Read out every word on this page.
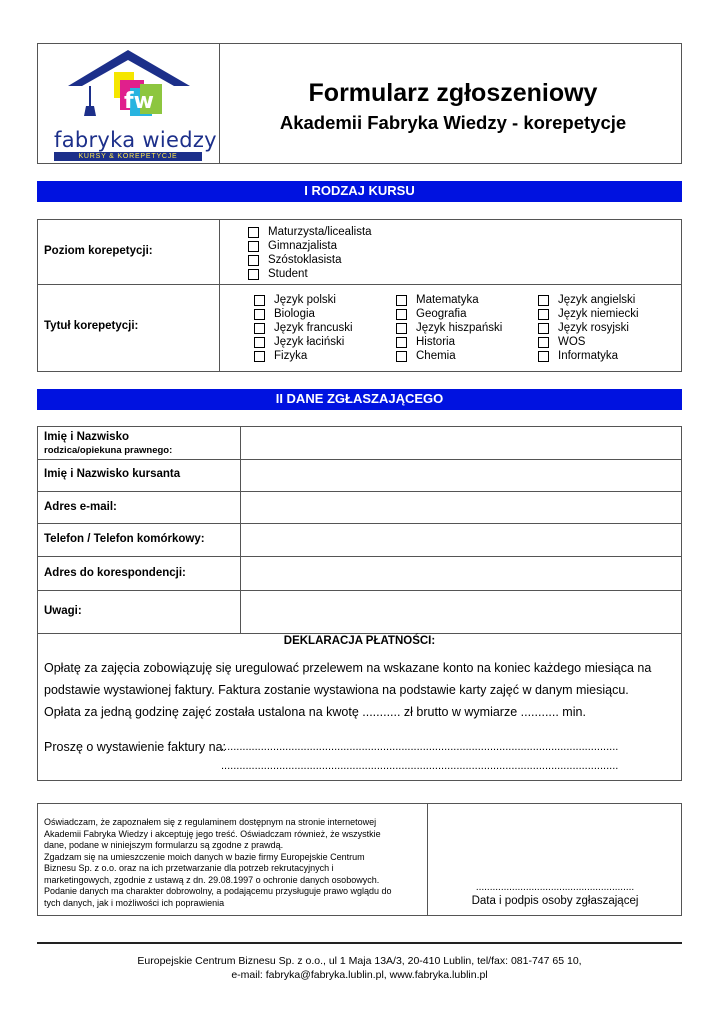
fw
fabryka wiedzy
KURSY & KOREPETYCJE
Formularz zgłoszeniowy
Akademii Fabryka Wiedzy - korepetycje
I RODZAJ KURSU
Poziom korepetycji:
Maturzysta/licealista
Gimnazjalista
Szóstoklasista
Student
Tytuł korepetycji:
Język polski
Biologia
Język francuski
Język łaciński
Fizyka
Matematyka
Geografia
Język hiszpański
Historia
Chemia
Język angielski
Język niemiecki
Język rosyjski
WOS
Informatyka
II DANE ZGŁASZAJĄCEGO
Imię i Nazwisko
rodzica/opiekuna prawnego:
Imię i Nazwisko kursanta
Adres e-mail:
Telefon / Telefon komórkowy:
Adres do korespondencji:
Uwagi:
DEKLARACJA PŁATNOŚCI:
Opłatę za zajęcia zobowiązuję się uregulować przelewem na wskazane konto na koniec każdego miesiąca na
podstawie wystawionej faktury. Faktura zostanie wystawiona na podstawie karty zajęć w danym miesiącu.
Opłata za jedną godzinę zajęć została ustalona na kwotę ........... zł brutto w wymiarze ........... min.
Proszę o wystawienie faktury na:
..................................................................................................................................
..................................................................................................................................
Oświadczam, że zapoznałem się z regulaminem dostępnym na stronie internetowej
Akademii Fabryka Wiedzy i akceptuję jego treść. Oświadczam również, że wszystkie
dane, podane w niniejszym formularzu są zgodne z prawdą.
Zgadzam się na umieszczenie moich danych w bazie firmy Europejskie Centrum
Biznesu Sp. z o.o. oraz na ich przetwarzanie dla potrzeb rekrutacyjnych i
marketingowych, zgodnie z ustawą z dn. 29.08.1997 o ochronie danych osobowych.
Podanie danych ma charakter dobrowolny, a podającemu przysługuje prawo wglądu do
tych danych, jak i możliwości ich poprawienia
.........................................................
Data i podpis osoby zgłaszającej
Europejskie Centrum Biznesu Sp. z o.o., ul 1 Maja 13A/3, 20-410 Lublin, tel/fax: 081-747 65 10,
e-mail: fabryka@fabryka.lublin.pl, www.fabryka.lublin.pl
